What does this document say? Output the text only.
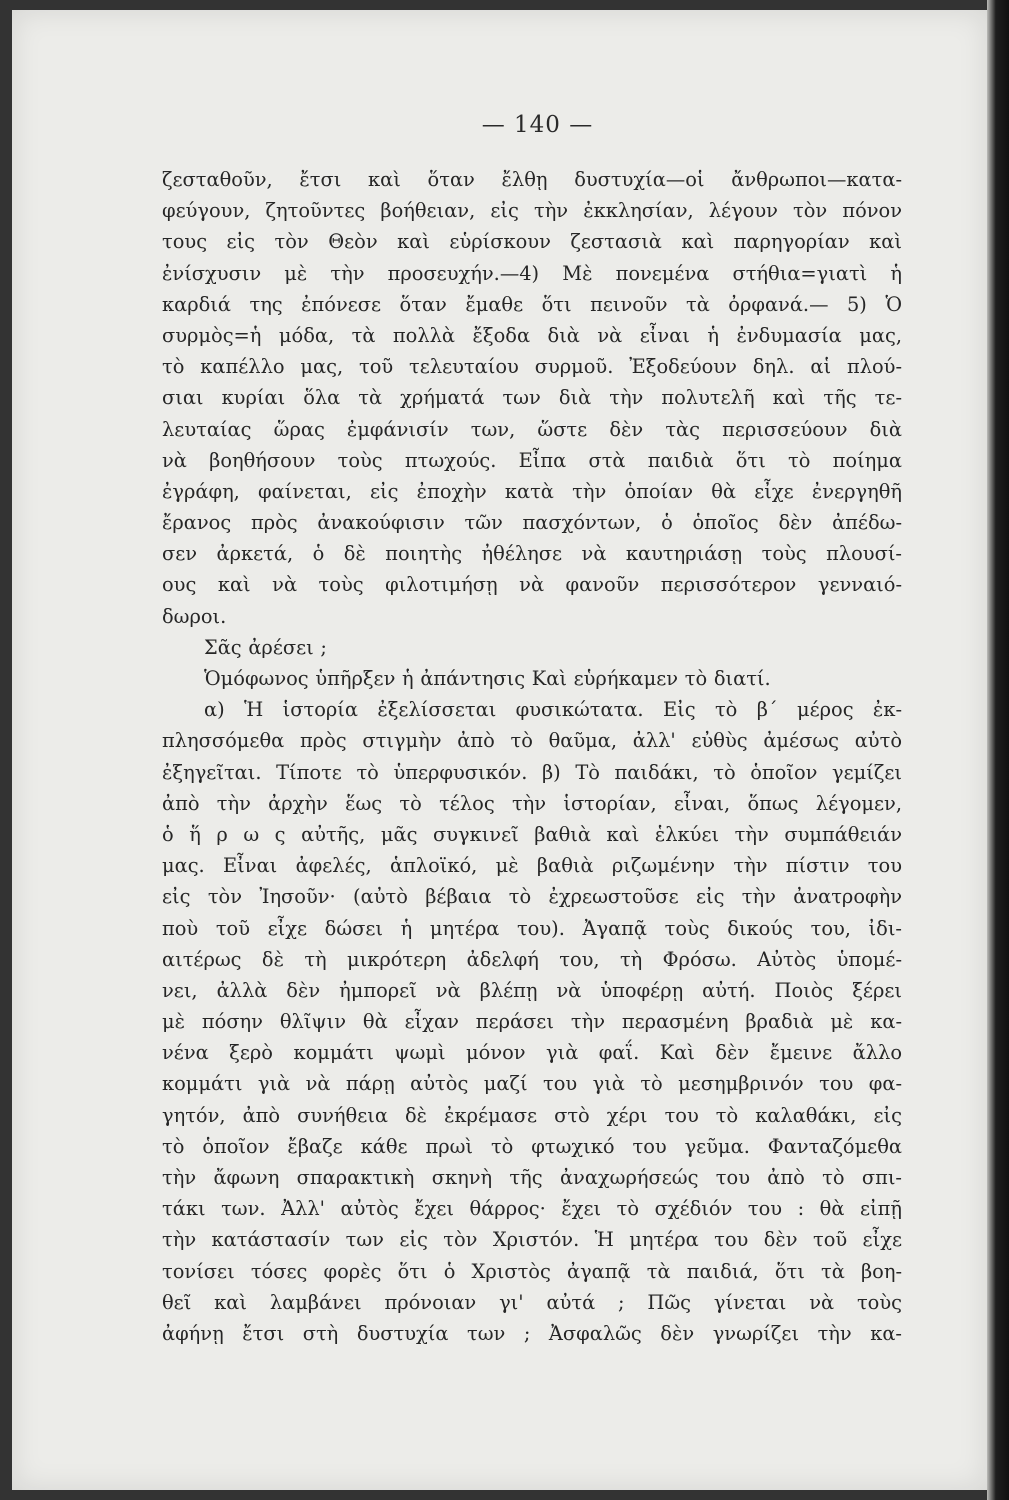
— 140 —
ζεσταθοῦν, ἔτσι καὶ ὅταν ἔλθῃ δυστυχία—οἱ ἄνθρωποι—κατα-
φεύγουν, ζητοῦντες βοήθειαν, εἰς τὴν ἐκκλησίαν, λέγουν τὸν πόνον
τους εἰς τὸν Θεὸν καὶ εὑρίσκουν ζεστασιὰ καὶ παρηγορίαν καὶ
ἐνίσχυσιν μὲ τὴν προσευχήν.—4) Μὲ πονεμένα στήθια=γιατὶ ἡ
καρδιά της ἐπόνεσε ὅταν ἔμαθε ὅτι πεινοῦν τὰ ὀρφανά.— 5) Ὁ
συρμὸς=ἡ μόδα, τὰ πολλὰ ἔξοδα διὰ νὰ εἶναι ἡ ἐνδυμασία μας,
τὸ καπέλλο μας, τοῦ τελευταίου συρμοῦ. Ἐξοδεύουν δηλ. αἱ πλού-
σιαι κυρίαι ὅλα τὰ χρήματά των διὰ τὴν πολυτελῆ καὶ τῆς τε-
λευταίας ὥρας ἐμφάνισίν των, ὥστε δὲν τὰς περισσεύουν διὰ
νὰ βοηθήσουν τοὺς πτωχούς. Εἶπα στὰ παιδιὰ ὅτι τὸ ποίημα
ἐγράφη, φαίνεται, εἰς ἐποχὴν κατὰ τὴν ὁποίαν θὰ εἶχε ἐνεργηθῆ
ἔρανος πρὸς ἀνακούφισιν τῶν πασχόντων, ὁ ὁποῖος δὲν ἀπέδω-
σεν ἀρκετά, ὁ δὲ ποιητὴς ἠθέλησε νὰ καυτηριάσῃ τοὺς πλουσί-
ους καὶ νὰ τοὺς φιλοτιμήσῃ νὰ φανοῦν περισσότερον γενναιό-
δωροι.
Σᾶς ἀρέσει ;
Ὁμόφωνος ὑπῆρξεν ἡ ἀπάντησις Καὶ εὑρήκαμεν τὸ διατί.
α) Ἡ ἱστορία ἐξελίσσεται φυσικώτατα. Εἰς τὸ β΄ μέρος ἐκ-
πλησσόμεθα πρὸς στιγμὴν ἀπὸ τὸ θαῦμα, ἀλλ' εὐθὺς ἀμέσως αὐτὸ
ἐξηγεῖται. Τίποτε τὸ ὑπερφυσικόν. β) Τὸ παιδάκι, τὸ ὁποῖον γεμίζει
ἀπὸ τὴν ἀρχὴν ἕως τὸ τέλος τὴν ἱστορίαν, εἶναι, ὅπως λέγομεν,
ὁ ἥ ρ ω ς αὐτῆς, μᾶς συγκινεῖ βαθιὰ καὶ ἑλκύει τὴν συμπάθειάν
μας. Εἶναι ἀφελές, ἁπλοϊκό, μὲ βαθιὰ ριζωμένην τὴν πίστιν του
εἰς τὸν Ἰησοῦν· (αὐτὸ βέβαια τὸ ἐχρεωστοῦσε εἰς τὴν ἀνατροφὴν
ποὺ τοῦ εἶχε δώσει ἡ μητέρα του). Ἀγαπᾷ τοὺς δικούς του, ἰδι-
αιτέρως δὲ τὴ μικρότερη ἀδελφή του, τὴ Φρόσω. Αὐτὸς ὑπομέ-
νει, ἀλλὰ δὲν ἠμπορεῖ νὰ βλέπῃ νὰ ὑποφέρῃ αὐτή. Ποιὸς ξέρει
μὲ πόσην θλῖψιν θὰ εἶχαν περάσει τὴν περασμένη βραδιὰ μὲ κα-
νένα ξερὸ κομμάτι ψωμὶ μόνον γιὰ φαΐ. Καὶ δὲν ἔμεινε ἄλλο
κομμάτι γιὰ νὰ πάρῃ αὐτὸς μαζί του γιὰ τὸ μεσημβρινόν του φα-
γητόν, ἀπὸ συνήθεια δὲ ἐκρέμασε στὸ χέρι του τὸ καλαθάκι, εἰς
τὸ ὁποῖον ἔβαζε κάθε πρωὶ τὸ φτωχικό του γεῦμα. Φανταζόμεθα
τὴν ἄφωνη σπαρακτικὴ σκηνὴ τῆς ἀναχωρήσεώς του ἀπὸ τὸ σπι-
τάκι των. Ἀλλ' αὐτὸς ἔχει θάρρος· ἔχει τὸ σχέδιόν του : θὰ εἰπῇ
τὴν κατάστασίν των εἰς τὸν Χριστόν. Ἡ μητέρα του δὲν τοῦ εἶχε
τονίσει τόσες φορὲς ὅτι ὁ Χριστὸς ἀγαπᾷ τὰ παιδιά, ὅτι τὰ βοη-
θεῖ καὶ λαμβάνει πρόνοιαν γι' αὐτά ; Πῶς γίνεται νὰ τοὺς
ἀφήνῃ ἔτσι στὴ δυστυχία των ; Ἀσφαλῶς δὲν γνωρίζει τὴν κα-
